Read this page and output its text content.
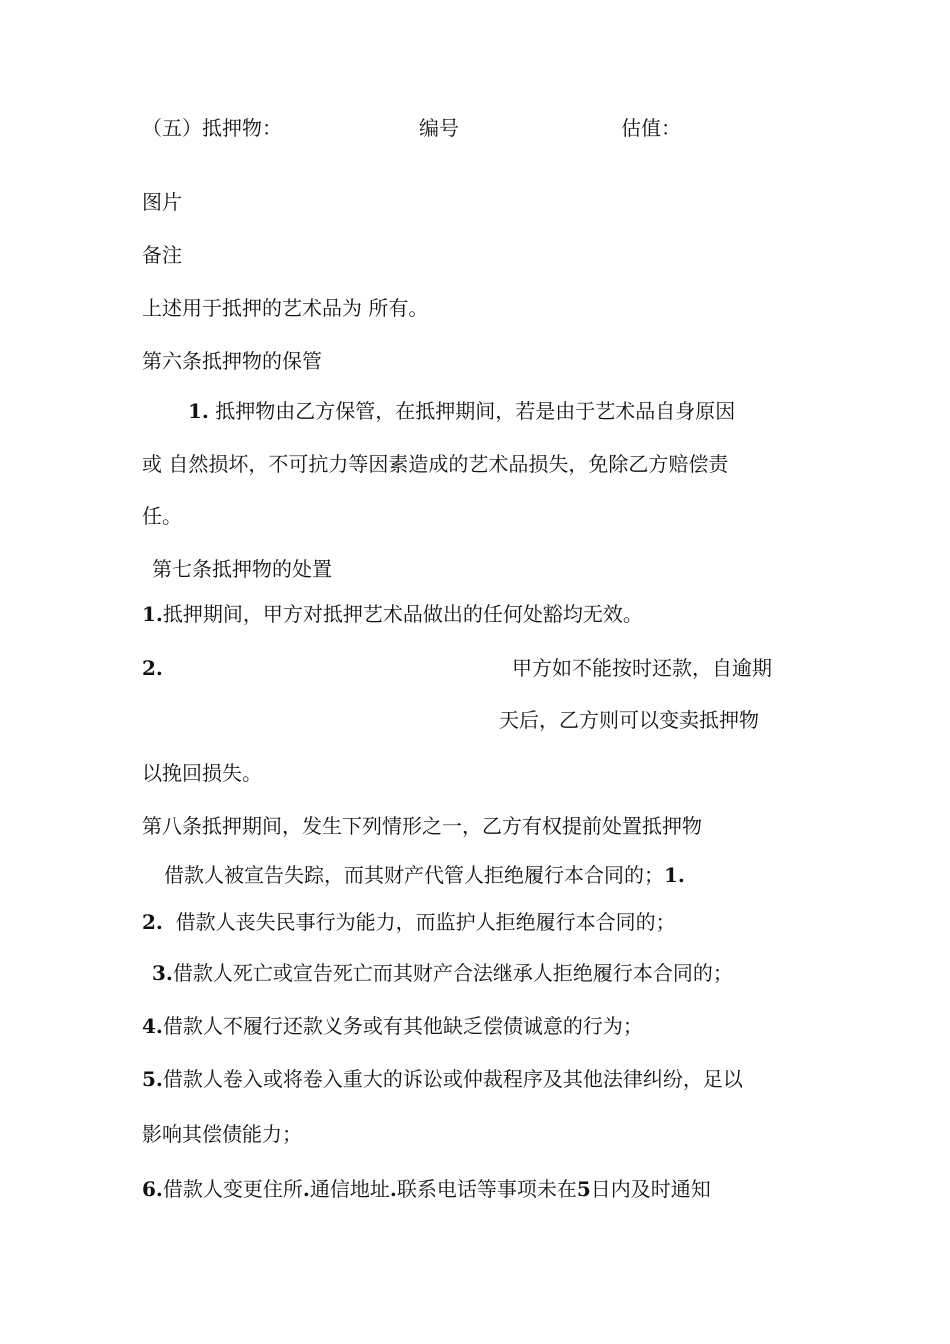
（五）抵押物：	编号	估值：
图片
备注
上述用于抵押的艺术品为 所有。
第六条抵押物的保管
1. 抵押物由乙方保管，在抵押期间，若是由于艺术品自身原因
或 自然损坏，不可抗力等因素造成的艺术品损失，免除乙方赔偿责
任。
第七条抵押物的处置
1.抵押期间，甲方对抵押艺术品做出的任何处豁均无效。
2.	甲方如不能按时还款，自逾期
天后，乙方则可以变卖抵押物
以挽回损失。
第八条抵押期间，发生下列情形之一，乙方有权提前处置抵押物
借款人被宣告失踪，而其财产代管人拒绝履行本合同的；1.
2. 借款人丧失民事行为能力，而监护人拒绝履行本合同的；
3.借款人死亡或宣告死亡而其财产合法继承人拒绝履行本合同的；
4.借款人不履行还款义务或有其他缺乏偿债诚意的行为；
5.借款人卷入或将卷入重大的诉讼或仲裁程序及其他法律纠纷，足以
影响其偿债能力；
6.借款人变更住所.通信地址.联系电话等事项未在5日内及时通知
